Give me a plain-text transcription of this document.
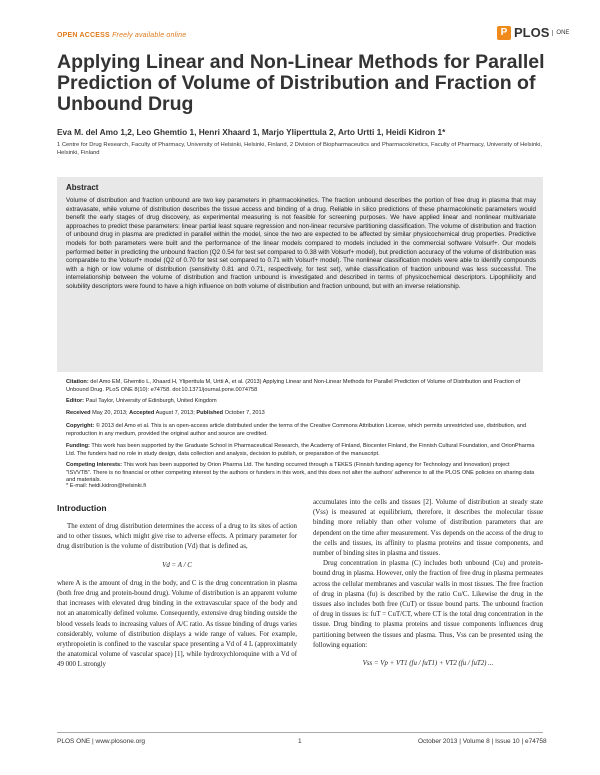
OPEN ACCESS Freely available online	P PLOS	ONE
Applying Linear and Non-Linear Methods for Parallel Prediction of Volume of Distribution and Fraction of Unbound Drug
Eva M. del Amo 1,2, Leo Ghemtio 1, Henri Xhaard 1, Marjo Yliperttula 2, Arto Urtti 1, Heidi Kidron 1*
1 Centre for Drug Research, Faculty of Pharmacy, University of Helsinki, Helsinki, Finland, 2 Division of Biopharmaceutics and Pharmacokinetics, Faculty of Pharmacy, University of Helsinki, Helsinki, Finland
Abstract
Volume of distribution and fraction unbound are two key parameters in pharmacokinetics. The fraction unbound describes the portion of free drug in plasma that may extravasate, while volume of distribution describes the tissue access and binding of a drug. Reliable in silico predictions of these pharmacokinetic parameters would benefit the early stages of drug discovery, as experimental measuring is not feasible for screening purposes. We have applied linear and nonlinear multivariate approaches to predict these parameters: linear partial least square regression and non-linear recursive partitioning classification. The volume of distribution and fraction of unbound drug in plasma are predicted in parallel within the model, since the two are expected to be affected by similar physicochemical drug properties. Predictive models for both parameters were built and the performance of the linear models compared to models included in the commercial software Volsurf+. Our models performed better in predicting the unbound fraction (Q2 0.54 for test set compared to 0.38 with Volsurf+ model), but prediction accuracy of the volume of distribution was comparable to the Volsurf+ model (Q2 of 0.70 for test set compared to 0.71 with Volsurf+ model). The nonlinear classification models were able to identify compounds with a high or low volume of distribution (sensitivity 0.81 and 0.71, respectively, for test set), while classification of fraction unbound was less successful. The interrelationship between the volume of distribution and fraction unbound is investigated and described in terms of physicochemical descriptors. Lipophilicity and solubility descriptors were found to have a high influence on both volume of distribution and fraction unbound, but with an inverse relationship.
Citation: del Amo EM, Ghemtio L, Xhaard H, Yliperttula M, Urtti A, et al. (2013) Applying Linear and Non-Linear Methods for Parallel Prediction of Volume of Distribution and Fraction of Unbound Drug. PLoS ONE 8(10): e74758. doi:10.1371/journal.pone.0074758
Editor: Paul Taylor, University of Edinburgh, United Kingdom
Received May 20, 2013; Accepted August 7, 2013; Published October 7, 2013
Copyright: © 2013 del Amo et al. This is an open-access article distributed under the terms of the Creative Commons Attribution License, which permits unrestricted use, distribution, and reproduction in any medium, provided the original author and source are credited.
Funding: This work has been supported by the Graduate School in Pharmaceutical Research, the Academy of Finland, Biocenter Finland, the Finnish Cultural Foundation, and OrionPharma Ltd. The funders had no role in study design, data collection and analysis, decision to publish, or preparation of the manuscript.
Competing Interests: This work has been supported by Orion Pharma Ltd. The funding occurred through a TEKES (Finnish funding agency for Technology and Innovation) project "ISVVTB". There is no financial or other competing interest by the authors or funders in this work, and this does not alter the authors' adherence to all the PLOS ONE policies on sharing data and materials.
* E-mail: heidi.kidron@helsinki.fi
Introduction
The extent of drug distribution determines the access of a drug to its sites of action and to other tissues, which might give rise to adverse effects. A primary parameter for drug distribution is the volume of distribution (Vd) that is defined as,
Vd = A / C
where A is the amount of drug in the body, and C is the drug concentration in plasma (both free drug and protein-bound drug). Volume of distribution is an apparent volume that increases with elevated drug binding in the extravascular space of the body and not an anatomically defined volume. Consequently, extensive drug binding outside the blood vessels leads to increasing values of A/C ratio. As tissue binding of drugs varies considerably, volume of distribution displays a wide range of values. For example, erythropoietin is confined to the vascular space presenting a Vd of 4 L (approximately the anatomical volume of vascular space) [1], while hydroxychloroquine with a Vd of 49 000 L strongly
accumulates into the cells and tissues [2]. Volume of distribution at steady state (Vss) is measured at equilibrium, therefore, it describes the molecular tissue binding more reliably than other volume of distribution parameters that are dependent on the time after measurement. Vss depends on the access of the drug to the cells and tissues, its affinity to plasma proteins and tissue components, and number of binding sites in plasma and tissues.
Drug concentration in plasma (C) includes both unbound (Cu) and protein-bound drug in plasma. However, only the fraction of free drug in plasma permeates across the cellular membranes and vascular walls in most tissues. The free fraction of drug in plasma (fu) is described by the ratio Cu/C. Likewise the drug in the tissues also includes both free (CuT) or tissue bound parts. The unbound fraction of drug in tissues is: fuT = CuT/CT, where CT is the total drug concentration in the tissue. Drug binding to plasma proteins and tissue components influences drug partitioning between the tissues and plasma. Thus, Vss can be presented using the following equation:
Vss = Vp + VT1 (fu / fuT1) + VT2 (fu / fuT2) ...
PLOS ONE | www.plosone.org	1	October 2013 | Volume 8 | Issue 10 | e74758
